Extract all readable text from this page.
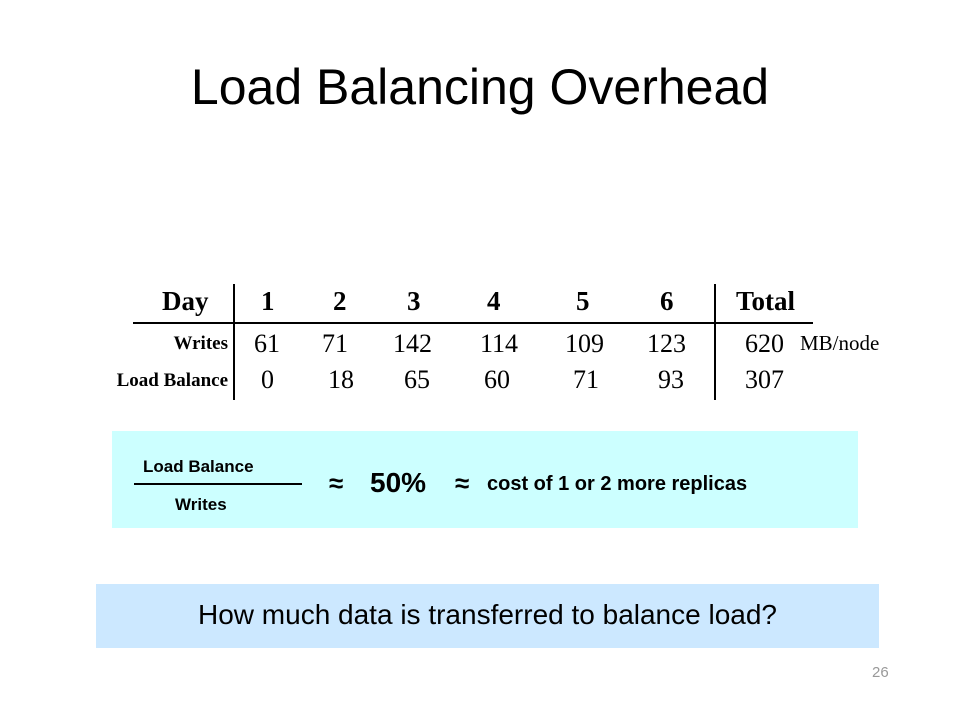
Load Balancing Overhead
Day 1 2 3 4	5	6 Total
Writes 61 71 142 114 109 123 620 MB/node
Load Balance 0 18 65 60 71 93 307
Load Balance
Writes
≈ 50% ≈ cost of 1 or 2 more replicas
How much data is transferred to balance load?
26
